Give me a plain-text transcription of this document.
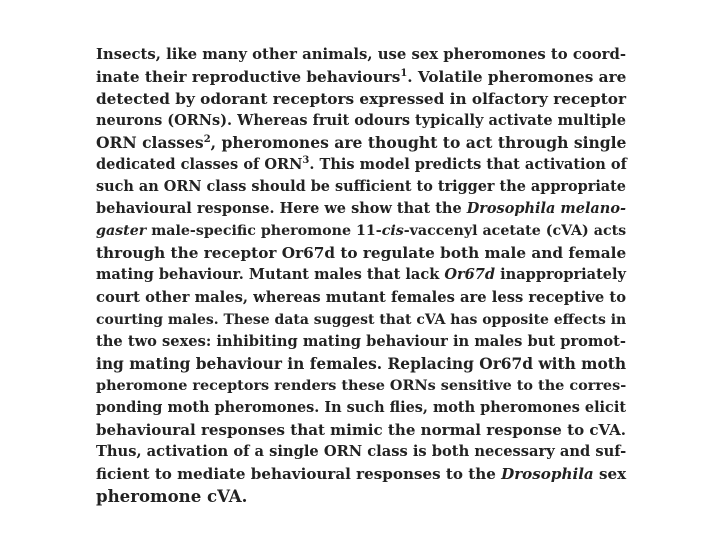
Insects, like many other animals, use sex pheromones to coord-
inate their reproductive behaviours$^1$. Volatile pheromones are
detected by odorant receptors expressed in olfactory receptor
neurons (ORNs). Whereas fruit odours typically activate multiple
ORN classes$^2$, pheromones are thought to act through single
dedicated classes of ORN$^3$. This model predicts that activation of
such an ORN class should be sufficient to trigger the appropriate
behavioural response. Here we show that the Drosophila melano-
gaster male-specific pheromone 11-cis-vaccenyl acetate (cVA) acts
through the receptor Or67d to regulate both male and female
mating behaviour. Mutant males that lack Or67d inappropriately
court other males, whereas mutant females are less receptive to
courting males. These data suggest that cVA has opposite effects in
the two sexes: inhibiting mating behaviour in males but promot-
ing mating behaviour in females. Replacing Or67d with moth
pheromone receptors renders these ORNs sensitive to the corres-
ponding moth pheromones. In such flies, moth pheromones elicit
behavioural responses that mimic the normal response to cVA.
Thus, activation of a single ORN class is both necessary and suf-
ficient to mediate behavioural responses to the Drosophila sex
pheromone cVA.
